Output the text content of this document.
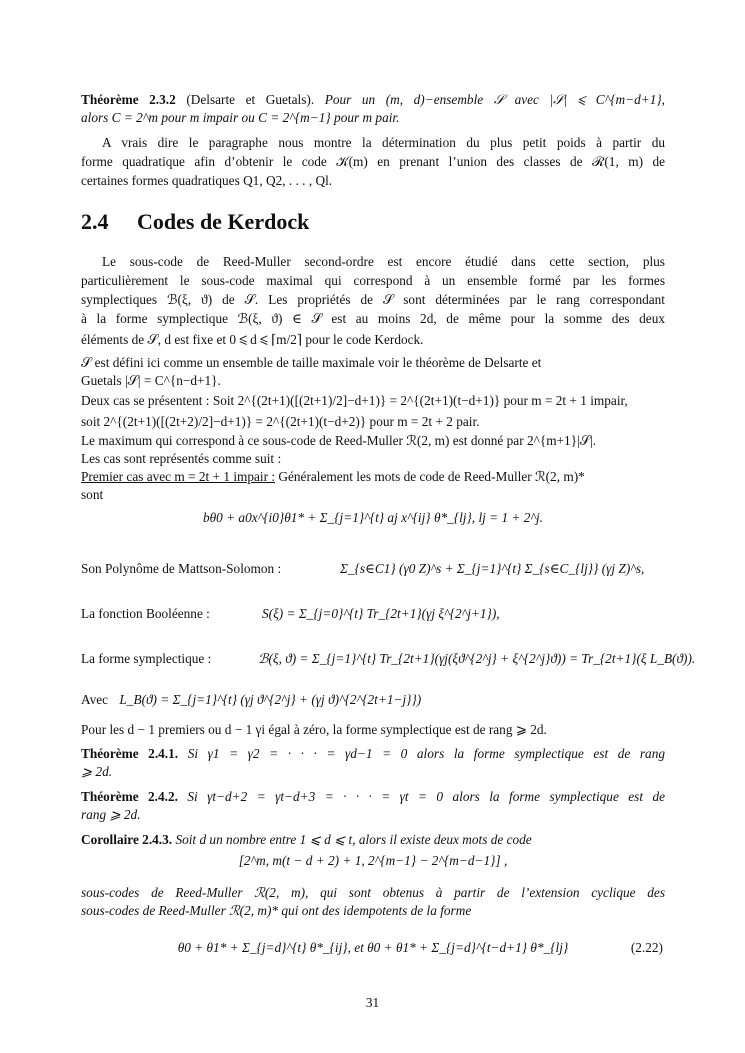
Théorème 2.3.2 (Delsarte et Guetals). Pour un (m, d)−ensemble 𝒮 avec |𝒮| ⩽ C^{m−d+1},
alors C = 2^m pour m impair ou C = 2^{m−1} pour m pair.
A vrais dire le paragraphe nous montre la détermination du plus petit poids à partir du
forme quadratique afin d’obtenir le code 𝒦(m) en prenant l’union des classes de ℛ(1, m) de
certaines formes quadratiques Q1, Q2, . . . , Ql.
2.4 Codes de Kerdock
Le sous-code de Reed-Muller second-ordre est encore étudié dans cette section, plus
particulièrement le sous-code maximal qui correspond à un ensemble formé par les formes
symplectiques ℬ(ξ, ϑ) de 𝒮. Les propriétés de 𝒮 sont déterminées par le rang correspondant
à la forme symplectique ℬ(ξ, ϑ) ∈ 𝒮 est au moins 2d, de même pour la somme des deux
éléments de 𝒮, d est fixe et 0 ⩽ d ⩽ ⌈m/2⌉ pour le code Kerdock.
𝒮 est défini ici comme un ensemble de taille maximale voir le théorème de Delsarte et
Guetals |𝒮| = C^{n−d+1}.
Deux cas se présentent : Soit 2^{(2t+1)([(2t+1)/2]−d+1)} = 2^{(2t+1)(t−d+1)} pour m = 2t + 1 impair,
soit 2^{(2t+1)([(2t+2)/2]−d+1)} = 2^{(2t+1)(t−d+2)} pour m = 2t + 2 pair.
Le maximum qui correspond à ce sous-code de Reed-Muller ℛ(2, m) est donné par 2^{m+1}|𝒮|.
Les cas sont représentés comme suit :
Premier cas avec m = 2t + 1 impair : Généralement les mots de code de Reed-Muller ℛ(2, m)*
sont
bθ0 + a0x^{i0}θ1* + Σ_{j=1}^{t} aj x^{ij} θ*_{lj}, lj = 1 + 2^j.
Son Polynôme de Mattson-Solomon :	Σ_{s∈C1} (γ0 Z)^s + Σ_{j=1}^{t} Σ_{s∈C_{lj}} (γj Z)^s,
La fonction Booléenne :	S(ξ) = Σ_{j=0}^{t} Tr_{2t+1}(γj ξ^{2^j+1}),
La forme symplectique :	ℬ(ξ, ϑ) = Σ_{j=1}^{t} Tr_{2t+1}(γj(ξϑ^{2^j} + ξ^{2^j}ϑ)) = Tr_{2t+1}(ξ L_B(ϑ)).
Avec L_B(ϑ) = Σ_{j=1}^{t} (γj ϑ^{2^j} + (γj ϑ)^{2^{2t+1−j}})
Pour les d − 1 premiers ou d − 1 γi égal à zéro, la forme symplectique est de rang ⩾ 2d.
Théorème 2.4.1. Si γ1 = γ2 = · · · = γd−1 = 0 alors la forme symplectique est de rang
⩾ 2d.
Théorème 2.4.2. Si γt−d+2 = γt−d+3 = · · · = γt = 0 alors la forme symplectique est de
rang ⩾ 2d.
Corollaire 2.4.3. Soit d un nombre entre 1 ⩽ d ⩽ t, alors il existe deux mots de code
[2^m, m(t − d + 2) + 1, 2^{m−1} − 2^{m−d−1}] ,
sous-codes de Reed-Muller ℛ(2, m), qui sont obtenus à partir de l’extension cyclique des
sous-codes de Reed-Muller ℛ(2, m)* qui ont des idempotents de la forme
θ0 + θ1* + Σ_{j=d}^{t} θ*_{ij}, et θ0 + θ1* + Σ_{j=d}^{t−d+1} θ*_{lj}	(2.22)
31
